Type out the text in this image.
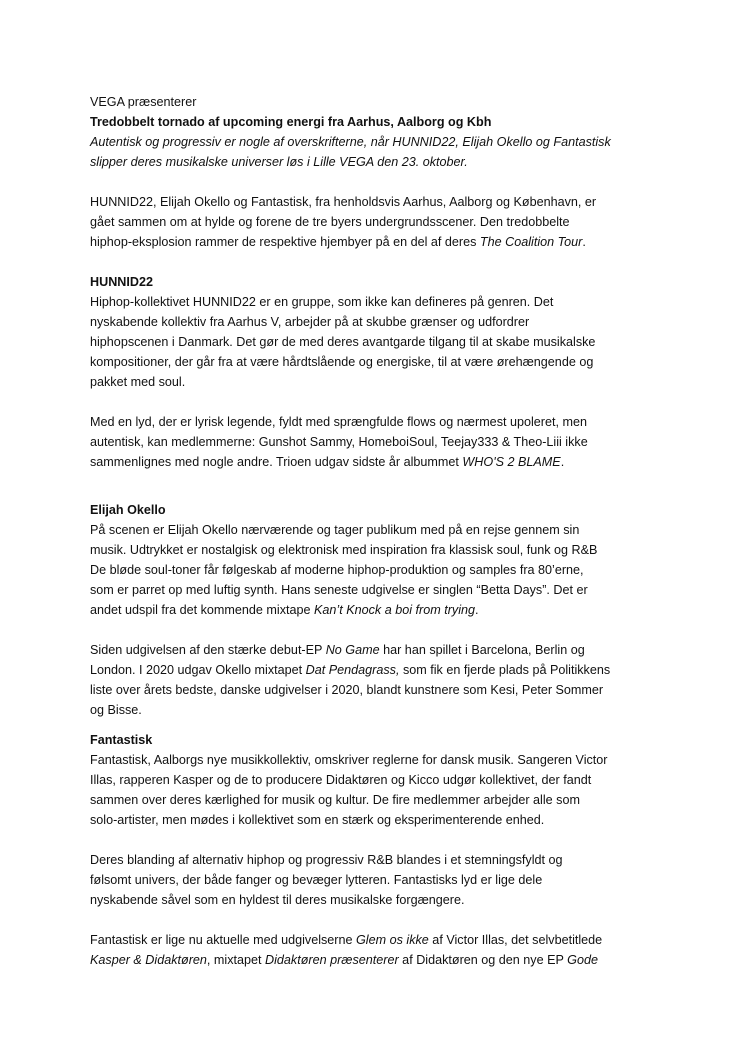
VEGA præsenterer
Tredobbelt tornado af upcoming energi fra Aarhus, Aalborg og Kbh
Autentisk og progressiv er nogle af overskrifterne, når HUNNID22, Elijah Okello og Fantastisk
slipper deres musikalske universer løs i Lille VEGA den 23. oktober.
HUNNID22, Elijah Okello og Fantastisk, fra henholdsvis Aarhus, Aalborg og København, er
gået sammen om at hylde og forene de tre byers undergrundsscener. Den tredobbelte
hiphop-eksplosion rammer de respektive hjembyer på en del af deres The Coalition Tour.
HUNNID22
Hiphop-kollektivet HUNNID22 er en gruppe, som ikke kan defineres på genren. Det
nyskabende kollektiv fra Aarhus V, arbejder på at skubbe grænser og udfordrer
hiphopscenen i Danmark. Det gør de med deres avantgarde tilgang til at skabe musikalske
kompositioner, der går fra at være hårdtslående og energiske, til at være ørehængende og
pakket med soul.
Med en lyd, der er lyrisk legende, fyldt med sprængfulde flows og nærmest upoleret, men
autentisk, kan medlemmerne: Gunshot Sammy, HomeboiSoul, Teejay333 & Theo-Liii ikke
sammenlignes med nogle andre. Trioen udgav sidste år albummet WHO'S 2 BLAME.
Elijah Okello
På scenen er Elijah Okello nærværende og tager publikum med på en rejse gennem sin
musik. Udtrykket er nostalgisk og elektronisk med inspiration fra klassisk soul, funk og R&B
De bløde soul-toner får følgeskab af moderne hiphop-produktion og samples fra 80’erne,
som er parret op med luftig synth. Hans seneste udgivelse er singlen “Betta Days”. Det er
andet udspil fra det kommende mixtape Kan’t Knock a boi from trying.
Siden udgivelsen af den stærke debut-EP No Game har han spillet i Barcelona, Berlin og
London. I 2020 udgav Okello mixtapet Dat Pendagrass, som fik en fjerde plads på Politikkens
liste over årets bedste, danske udgivelser i 2020, blandt kunstnere som Kesi, Peter Sommer
og Bisse.
Fantastisk
Fantastisk, Aalborgs nye musikkollektiv, omskriver reglerne for dansk musik. Sangeren Victor
Illas, rapperen Kasper og de to producere Didaktøren og Kicco udgør kollektivet, der fandt
sammen over deres kærlighed for musik og kultur. De fire medlemmer arbejder alle som
solo-artister, men mødes i kollektivet som en stærk og eksperimenterende enhed.
Deres blanding af alternativ hiphop og progressiv R&B blandes i et stemningsfyldt og
følsomt univers, der både fanger og bevæger lytteren. Fantastisks lyd er lige dele
nyskabende såvel som en hyldest til deres musikalske forgængere.
Fantastisk er lige nu aktuelle med udgivelserne Glem os ikke af Victor Illas, det selvbetitlede
Kasper & Didaktøren, mixtapet Didaktøren præsenterer af Didaktøren og den nye EP Gode
